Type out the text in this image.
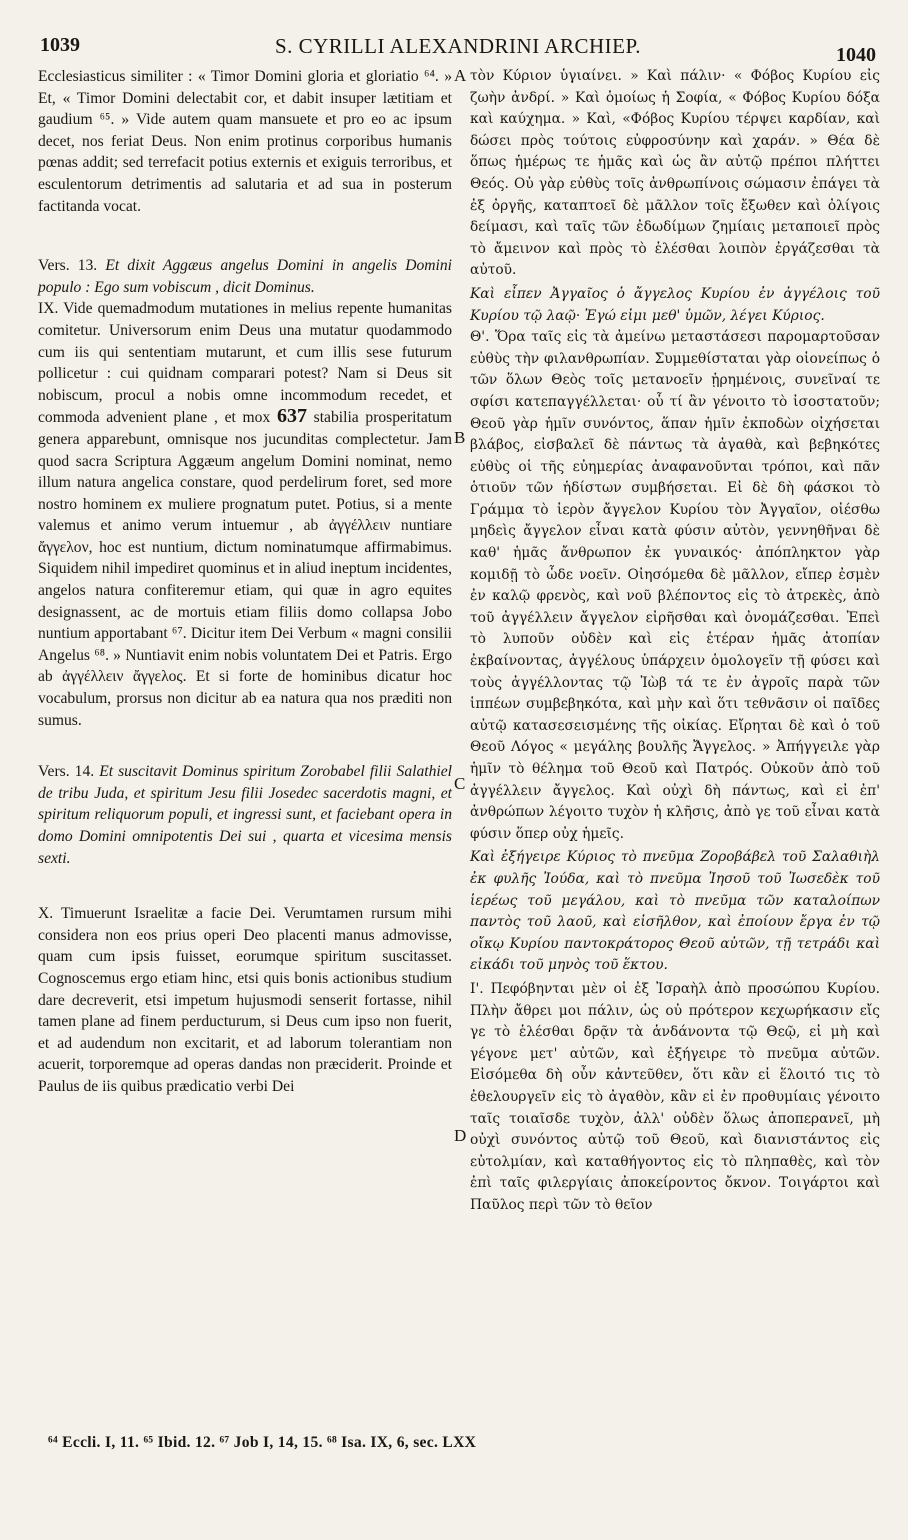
1039	S. CYRILLI ALEXANDRINI ARCHIEP.	1040
A
B
C
D

Ecclesiasticus similiter : « Timor Domini gloria et gloriatio ⁶⁴. » Et, « Timor Domini delectabit cor, et dabit insuper lætitiam et gaudium ⁶⁵. » Vide autem quam mansuete et pro eo ac ipsum decet, nos feriat Deus. Non enim protinus corporibus humanis pœnas addit; sed terrefacit potius externis et exiguis terroribus, et esculentorum detrimentis ad salutaria et ad sua in posterum factitanda vocat.

Vers. 13. Et dixit Aggæus angelus Domini in angelis Domini populo : Ego sum vobiscum , dicit Dominus.

IX. Vide quemadmodum mutationes in melius repente humanitas comitetur. Universorum enim Deus una mutatur quodammodo cum iis qui sententiam mutarunt, et cum illis sese futurum pollicetur : cui quidnam comparari potest? Nam si Deus sit nobiscum, procul a nobis omne incommodum recedet, et commoda advenient plane , et mox 637 stabilia prosperitatum genera apparebunt, omnisque nos jucunditas complectetur. Jam quod sacra Scriptura Aggæum angelum Domini nominat, nemo illum natura angelica constare, quod perdelirum foret, sed more nostro hominem ex muliere prognatum putet. Potius, si a mente valemus et animo verum intuemur , ab ἀγγέλλειν nuntiare ἄγγελον, hoc est nuntium, dictum nominatumque affirmabimus. Siquidem nihil impediret quominus et in aliud ineptum incidentes, angelos natura confiteremur etiam, qui quæ in agro equites designassent, ac de mortuis etiam filiis domo collapsa Jobo nuntium apportabant ⁶⁷. Dicitur item Dei Verbum « magni consilii Angelus ⁶⁸. » Nuntiavit enim nobis voluntatem Dei et Patris. Ergo ab ἀγγέλλειν ἄγγελος. Et si forte de hominibus dicatur hoc vocabulum, prorsus non dicitur ab ea natura qua nos præditi non sumus.

Vers. 14. Et suscitavit Dominus spiritum Zorobabel filii Salathiel de tribu Juda, et spiritum Jesu filii Josedec sacerdotis magni, et spiritum reliquorum populi, et ingressi sunt, et faciebant opera in domo Domini omnipotentis Dei sui , quarta et vicesima mensis sexti.

X. Timuerunt Israelitæ a facie Dei. Verumtamen rursum mihi considera non eos prius operi Deo placenti manus admovisse, quam cum ipsis fuisset, eorumque spiritum suscitasset. Cognoscemus ergo etiam hinc, etsi quis bonis actionibus studium dare decreverit, etsi impetum hujusmodi senserit fortasse, nihil tamen plane ad finem perducturum, si Deus cum ipso non fuerit, et ad audendum non excitarit, et ad laborum tolerantiam non acuerit, torporemque ad operas dandas non præciderit. Proinde et Paulus de iis quibus prædicatio verbi Dei

τὸν Κύριον ὑγιαίνει. » Καὶ πάλιν· « Φόβος Κυρίου εἰς ζωὴν ἀνδρί. » Καὶ ὁμοίως ἡ Σοφία, « Φόβος Κυρίου δόξα καὶ καύχημα. » Καὶ, «Φόβος Κυρίου τέρψει καρδίαν, καὶ δώσει πρὸς τούτοις εὐφροσύνην καὶ χαράν. » Θέα δὲ ὅπως ἡμέρως τε ἡμᾶς καὶ ὡς ἂν αὐτῷ πρέποι πλήττει Θεός. Οὐ γὰρ εὐθὺς τοῖς ἀνθρωπίνοις σώμασιν ἐπάγει τὰ ἐξ ὀργῆς, καταπτοεῖ δὲ μᾶλλον τοῖς ἔξωθεν καὶ ὀλίγοις δείμασι, καὶ ταῖς τῶν ἐδωδίμων ζημίαις μεταποιεῖ πρὸς τὸ ἄμεινον καὶ πρὸς τὸ ἑλέσθαι λοιπὸν ἐργάζεσθαι τὰ αὐτοῦ.

Καὶ εἶπεν Ἀγγαῖος ὁ ἄγγελος Κυρίου ἐν ἀγγέλοις τοῦ Κυρίου τῷ λαῷ· Ἐγώ εἰμι μεθ' ὑμῶν, λέγει Κύριος.

Θ'. Ὅρα ταῖς εἰς τὰ ἀμείνω μεταστάσεσι παρομαρτοῦσαν εὐθὺς τὴν φιλανθρωπίαν. Συμμεθίσταται γὰρ οἱονείπως ὁ τῶν ὅλων Θεὸς τοῖς μετανοεῖν ᾑρημένοις, συνεῖναί τε σφίσι κατεπαγγέλλεται· οὗ τί ἂν γένοιτο τὸ ἰσοστατοῦν; Θεοῦ γὰρ ἡμῖν συνόντος, ἅπαν ἡμῖν ἐκποδὼν οἰχήσεται βλάβος, εἰσβαλεῖ δὲ πάντως τὰ ἀγαθὰ, καὶ βεβηκότες εὐθὺς οἱ τῆς εὐημερίας ἀναφανοῦνται τρόποι, καὶ πᾶν ὁτιοῦν τῶν ἡδίστων συμβήσεται. Εἰ δὲ δὴ φάσκοι τὸ Γράμμα τὸ ἱερὸν ἄγγελον Κυρίου τὸν Ἀγγαῖον, οἰέσθω μηδεὶς ἄγγελον εἶναι κατὰ φύσιν αὐτὸν, γεννηθῆναι δὲ καθ' ἡμᾶς ἄνθρωπον ἐκ γυναικός· ἀπόπληκτον γὰρ κομιδῇ τὸ ὧδε νοεῖν. Οἰησόμεθα δὲ μᾶλλον, εἴπερ ἐσμὲν ἐν καλῷ φρενὸς, καὶ νοῦ βλέποντος εἰς τὸ ἀτρεκὲς, ἀπὸ τοῦ ἀγγέλλειν ἄγγελον εἰρῆσθαι καὶ ὀνομάζεσθαι. Ἐπεὶ τὸ λυποῦν οὐδὲν καὶ εἰς ἑτέραν ἡμᾶς ἀτοπίαν ἐκβαίνοντας, ἀγγέλους ὑπάρχειν ὁμολογεῖν τῇ φύσει καὶ τοὺς ἀγγέλλοντας τῷ Ἰὼβ τά τε ἐν ἀγροῖς παρὰ τῶν ἱππέων συμβεβηκότα, καὶ μὴν καὶ ὅτι τεθνᾶσιν οἱ παῖδες αὐτῷ κατασεσεισμένης τῆς οἰκίας. Εἴρηται δὲ καὶ ὁ τοῦ Θεοῦ Λόγος « μεγάλης βουλῆς Ἄγγελος. » Ἀπήγγειλε γὰρ ἡμῖν τὸ θέλημα τοῦ Θεοῦ καὶ Πατρός. Οὐκοῦν ἀπὸ τοῦ ἀγγέλλειν ἄγγελος. Καὶ οὐχὶ δὴ πάντως, καὶ εἰ ἐπ' ἀνθρώπων λέγοιτο τυχὸν ἡ κλῆσις, ἀπὸ γε τοῦ εἶναι κατὰ φύσιν ὅπερ οὐχ ἡμεῖς.

Καὶ ἐξήγειρε Κύριος τὸ πνεῦμα Ζοροβάβελ τοῦ Σαλαθιὴλ ἐκ φυλῆς Ἰούδα, καὶ τὸ πνεῦμα Ἰησοῦ τοῦ Ἰωσεδὲκ τοῦ ἱερέως τοῦ μεγάλου, καὶ τὸ πνεῦμα τῶν καταλοίπων παντὸς τοῦ λαοῦ, καὶ εἰσῆλθον, καὶ ἐποίουν ἔργα ἐν τῷ οἴκῳ Κυρίου παντοκράτορος Θεοῦ αὐτῶν, τῇ τετράδι καὶ εἰκάδι τοῦ μηνὸς τοῦ ἕκτου.

Ι'. Πεφόβηνται μὲν οἱ ἐξ Ἰσραὴλ ἀπὸ προσώπου Κυρίου. Πλὴν ἄθρει μοι πάλιν, ὡς οὐ πρότερον κεχωρήκασιν εἴς γε τὸ ἑλέσθαι δρᾷν τὰ ἁνδάνοντα τῷ Θεῷ, εἰ μὴ καὶ γέγονε μετ' αὐτῶν, καὶ ἐξήγειρε τὸ πνεῦμα αὐτῶν. Εἰσόμεθα δὴ οὖν κἀντεῦθεν, ὅτι κἂν εἰ ἕλοιτό τις τὸ ἐθελουργεῖν εἰς τὸ ἀγαθὸν, κἂν εἰ ἐν προθυμίαις γένοιτο ταῖς τοιαῖσδε τυχὸν, ἀλλ' οὐδὲν ὅλως ἀποπερανεῖ, μὴ οὐχὶ συνόντος αὐτῷ τοῦ Θεοῦ, καὶ διανιστάντος εἰς εὐτολμίαν, καὶ καταθήγοντος εἰς τὸ πληπαθὲς, καὶ τὸν ἐπὶ ταῖς φιλεργίαις ἀποκείροντος ὄκνον. Τοιγάρτοι καὶ Παῦλος περὶ τῶν τὸ θεῖον

⁶⁴ Eccli. I, 11. ⁶⁵ Ibid. 12. ⁶⁷ Job I, 14, 15. ⁶⁸ Isa. IX, 6, sec. LXX
